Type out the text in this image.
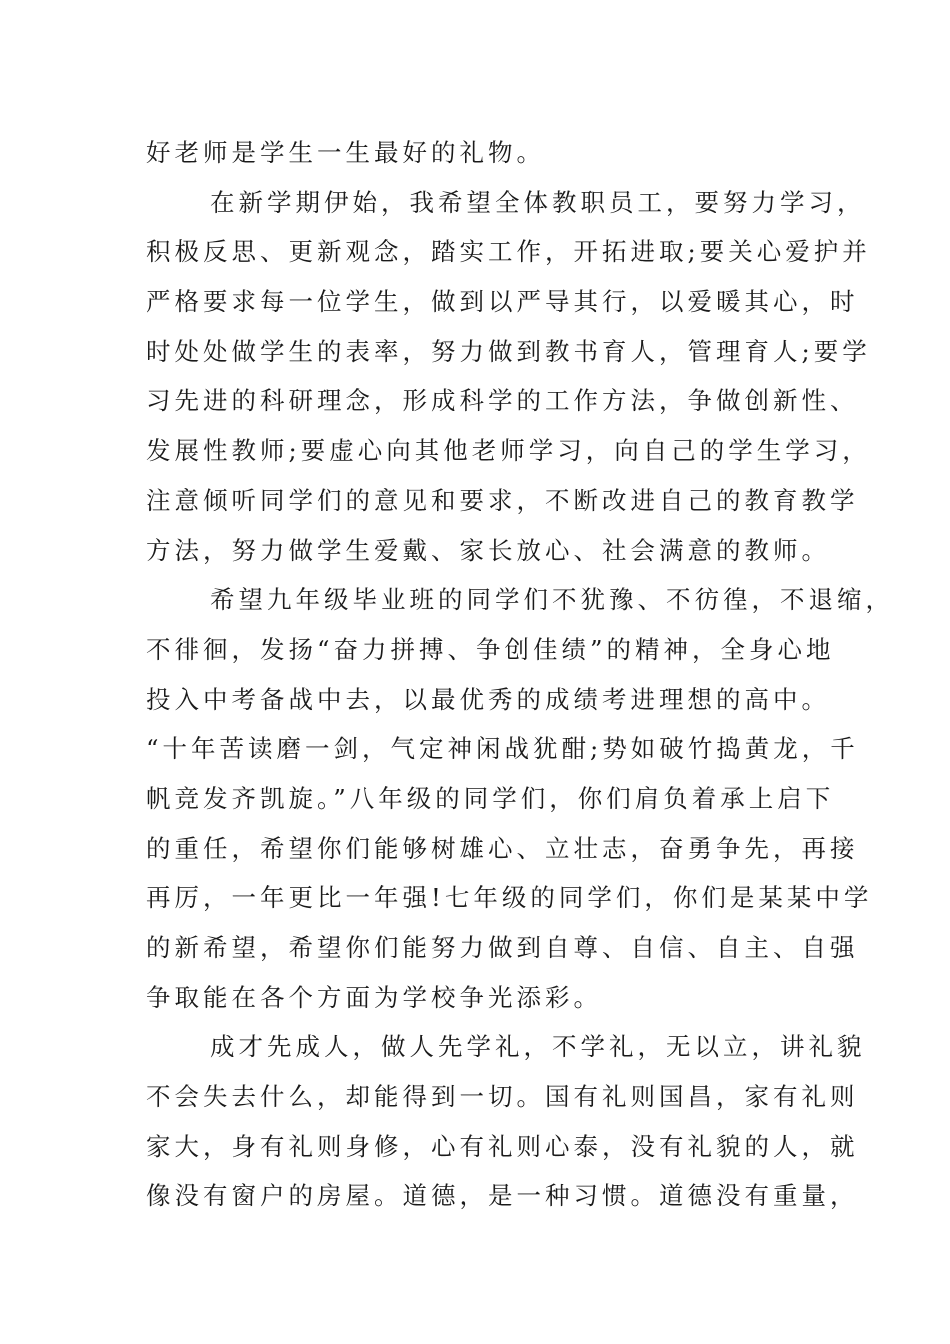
好老师是学生一生最好的礼物。
在新学期伊始，我希望全体教职员工，要努力学习，
积极反思、更新观念，踏实工作，开拓进取;要关心爱护并
严格要求每一位学生，做到以严导其行，以爱暖其心，时
时处处做学生的表率，努力做到教书育人，管理育人;要学
习先进的科研理念，形成科学的工作方法，争做创新性、
发展性教师;要虚心向其他老师学习，向自己的学生学习，
注意倾听同学们的意见和要求，不断改进自己的教育教学
方法，努力做学生爱戴、家长放心、社会满意的教师。
希望九年级毕业班的同学们不犹豫、不彷徨，不退缩，
不徘徊，发扬“奋力拼搏、争创佳绩”的精神，全身心地
投入中考备战中去，以最优秀的成绩考进理想的高中。
“十年苦读磨一剑，气定神闲战犹酣;势如破竹捣黄龙，千
帆竞发齐凯旋。”八年级的同学们，你们肩负着承上启下
的重任，希望你们能够树雄心、立壮志，奋勇争先，再接
再厉，一年更比一年强!七年级的同学们，你们是某某中学
的新希望，希望你们能努力做到自尊、自信、自主、自强
争取能在各个方面为学校争光添彩。
成才先成人，做人先学礼，不学礼，无以立，讲礼貌
不会失去什么，却能得到一切。国有礼则国昌，家有礼则
家大，身有礼则身修，心有礼则心泰，没有礼貌的人，就
像没有窗户的房屋。道德，是一种习惯。道德没有重量，
